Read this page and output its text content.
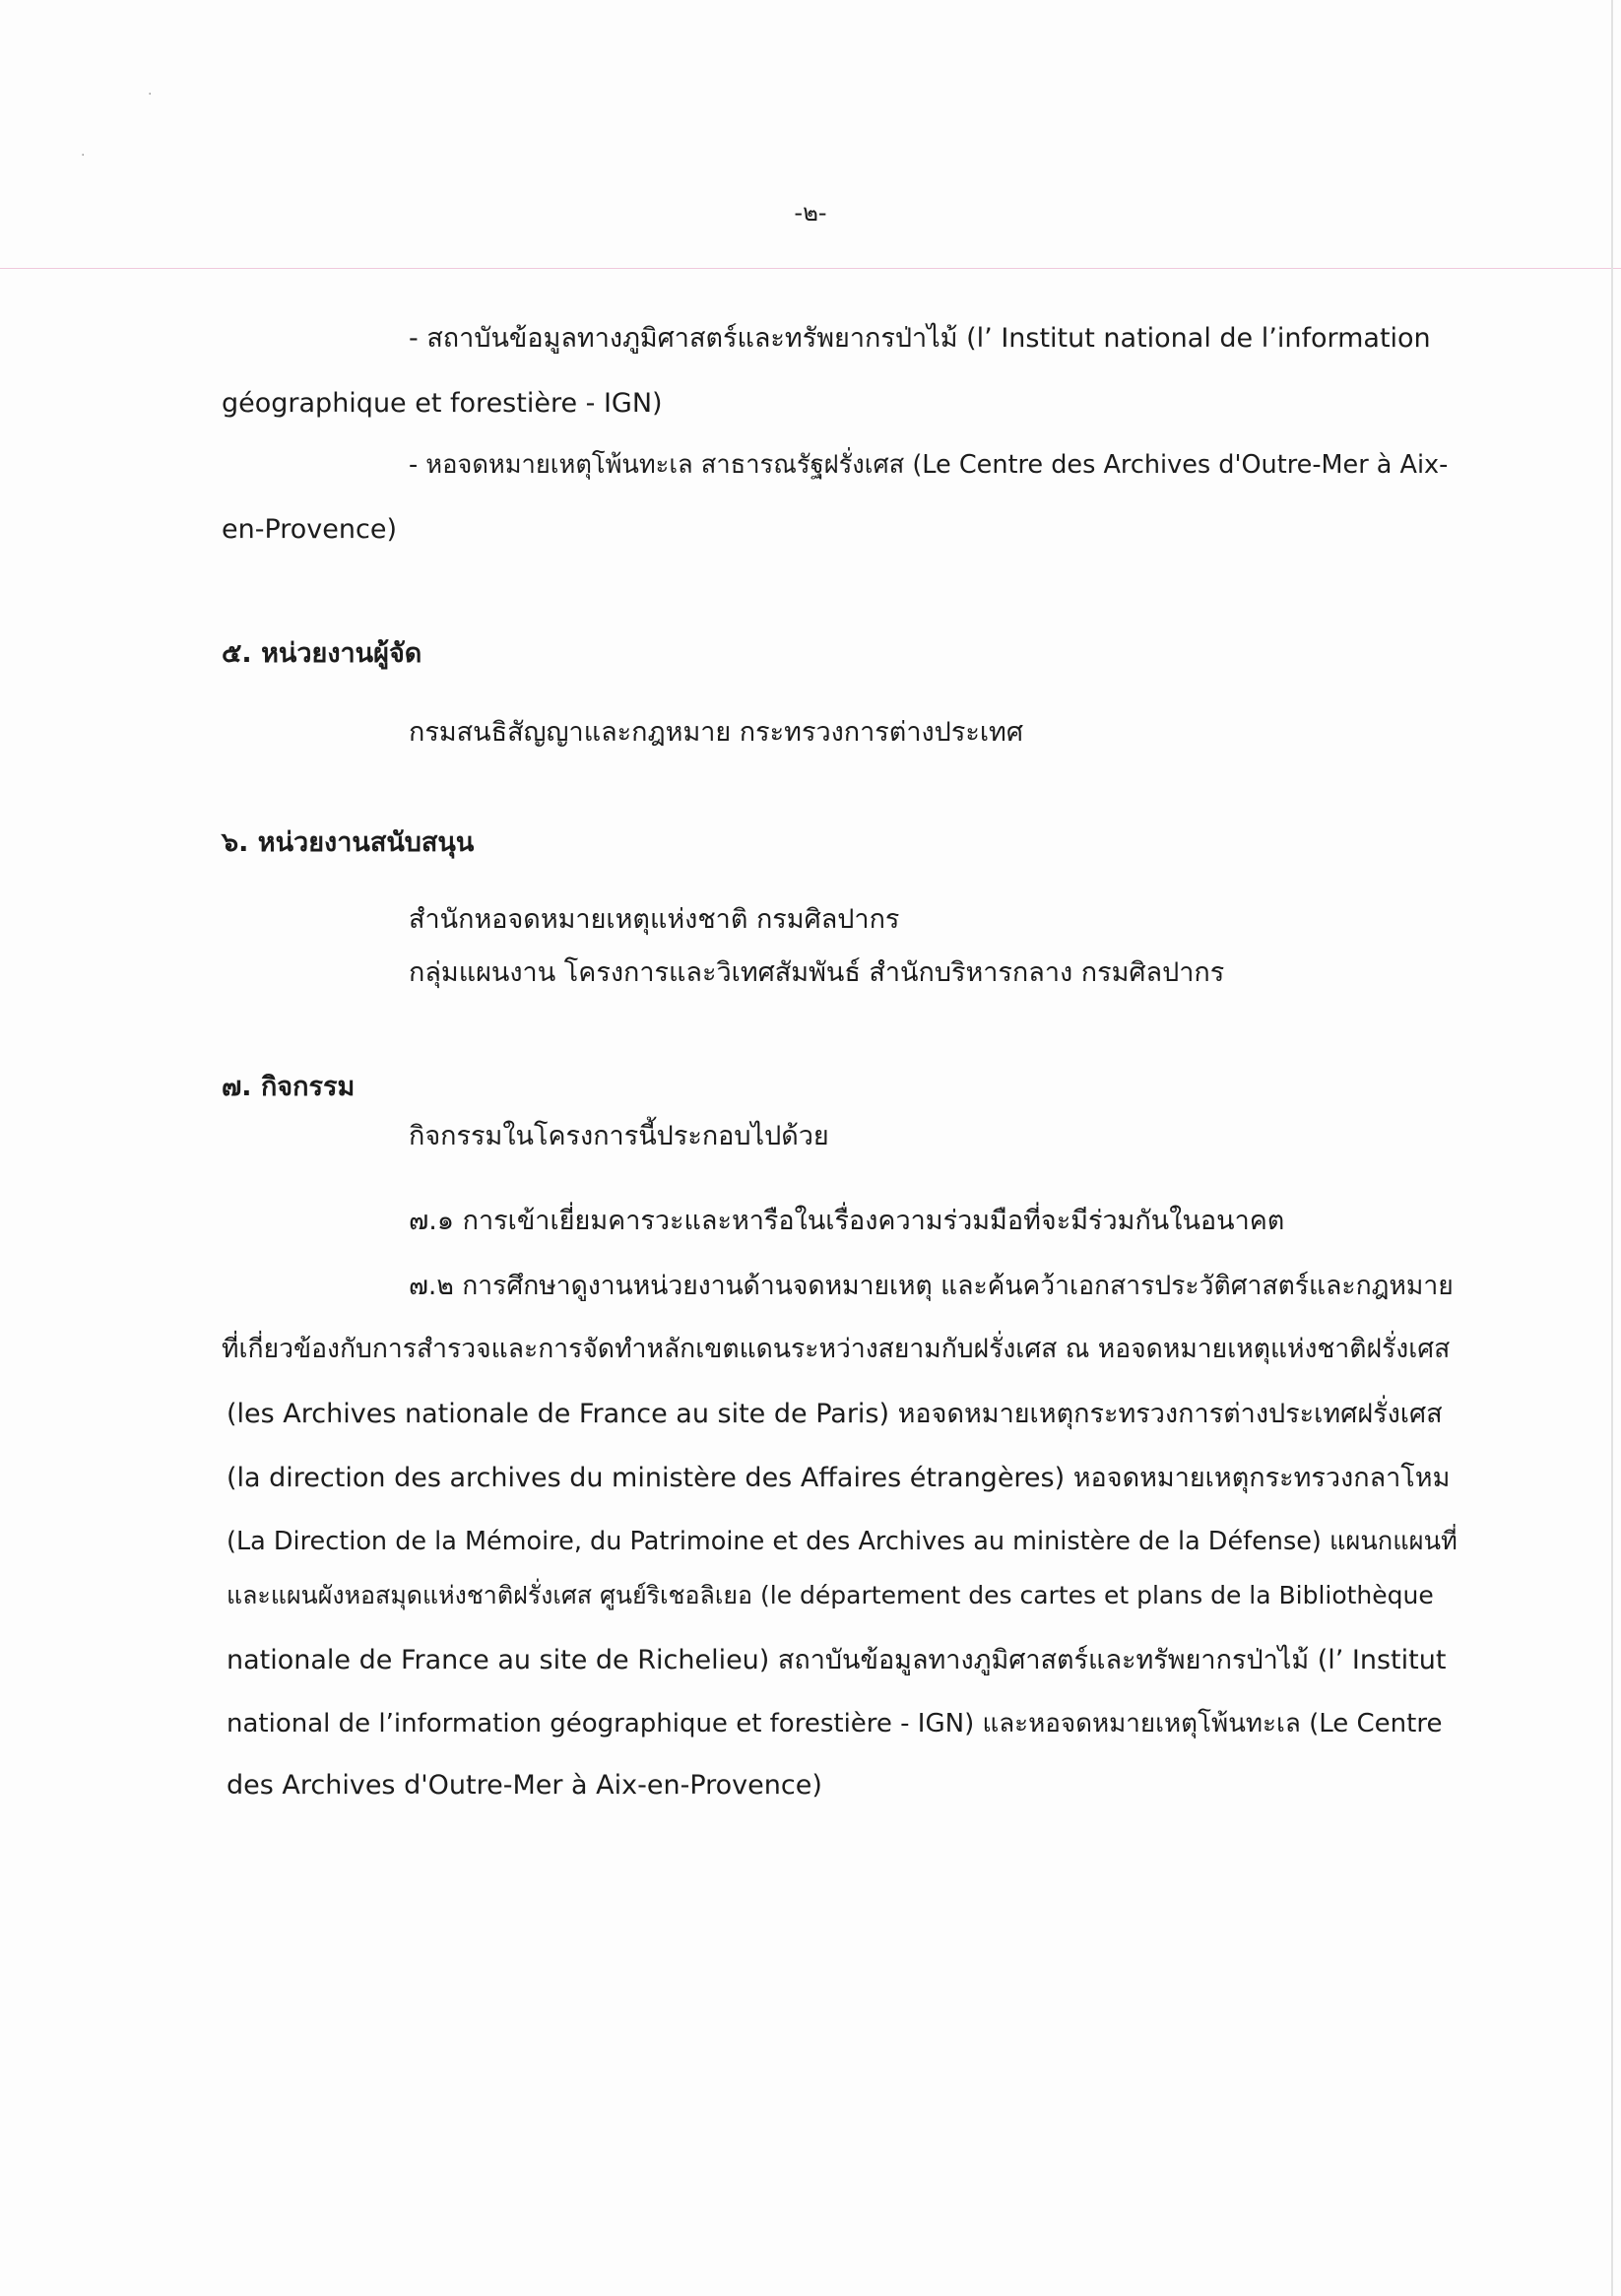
·
·
-๒-
- สถาบันข้อมูลทางภูมิศาสตร์และทรัพยากรป่าไม้ (l’ Institut national de l’information
géographique et forestière - IGN)
- หอจดหมายเหตุโพ้นทะเล สาธารณรัฐฝรั่งเศส (Le Centre des Archives d'Outre-Mer à Aix-
en-Provence)
๕. หน่วยงานผู้จัด
กรมสนธิสัญญาและกฎหมาย กระทรวงการต่างประเทศ
๖. หน่วยงานสนับสนุน
สำนักหอจดหมายเหตุแห่งชาติ กรมศิลปากร
กลุ่มแผนงาน โครงการและวิเทศสัมพันธ์ สำนักบริหารกลาง กรมศิลปากร
๗. กิจกรรม
กิจกรรมในโครงการนี้ประกอบไปด้วย
๗.๑ การเข้าเยี่ยมคารวะและหารือในเรื่องความร่วมมือที่จะมีร่วมกันในอนาคต
๗.๒ การศึกษาดูงานหน่วยงานด้านจดหมายเหตุ และค้นคว้าเอกสารประวัติศาสตร์และกฎหมาย
ที่เกี่ยวข้องกับการสำรวจและการจัดทำหลักเขตแดนระหว่างสยามกับฝรั่งเศส ณ หอจดหมายเหตุแห่งชาติฝรั่งเศส
(les Archives nationale de France au site de Paris) หอจดหมายเหตุกระทรวงการต่างประเทศฝรั่งเศส
(la direction des archives du ministère des Affaires étrangères) หอจดหมายเหตุกระทรวงกลาโหม
(La Direction de la Mémoire, du Patrimoine et des Archives au ministère de la Défense) แผนกแผนที่
และแผนผังหอสมุดแห่งชาติฝรั่งเศส ศูนย์ริเชอลิเยอ (le département des cartes et plans de la Bibliothèque
nationale de France au site de Richelieu) สถาบันข้อมูลทางภูมิศาสตร์และทรัพยากรป่าไม้ (l’ Institut
national de l’information géographique et forestière - IGN) และหอจดหมายเหตุโพ้นทะเล (Le Centre
des Archives d'Outre-Mer à Aix-en-Provence)
